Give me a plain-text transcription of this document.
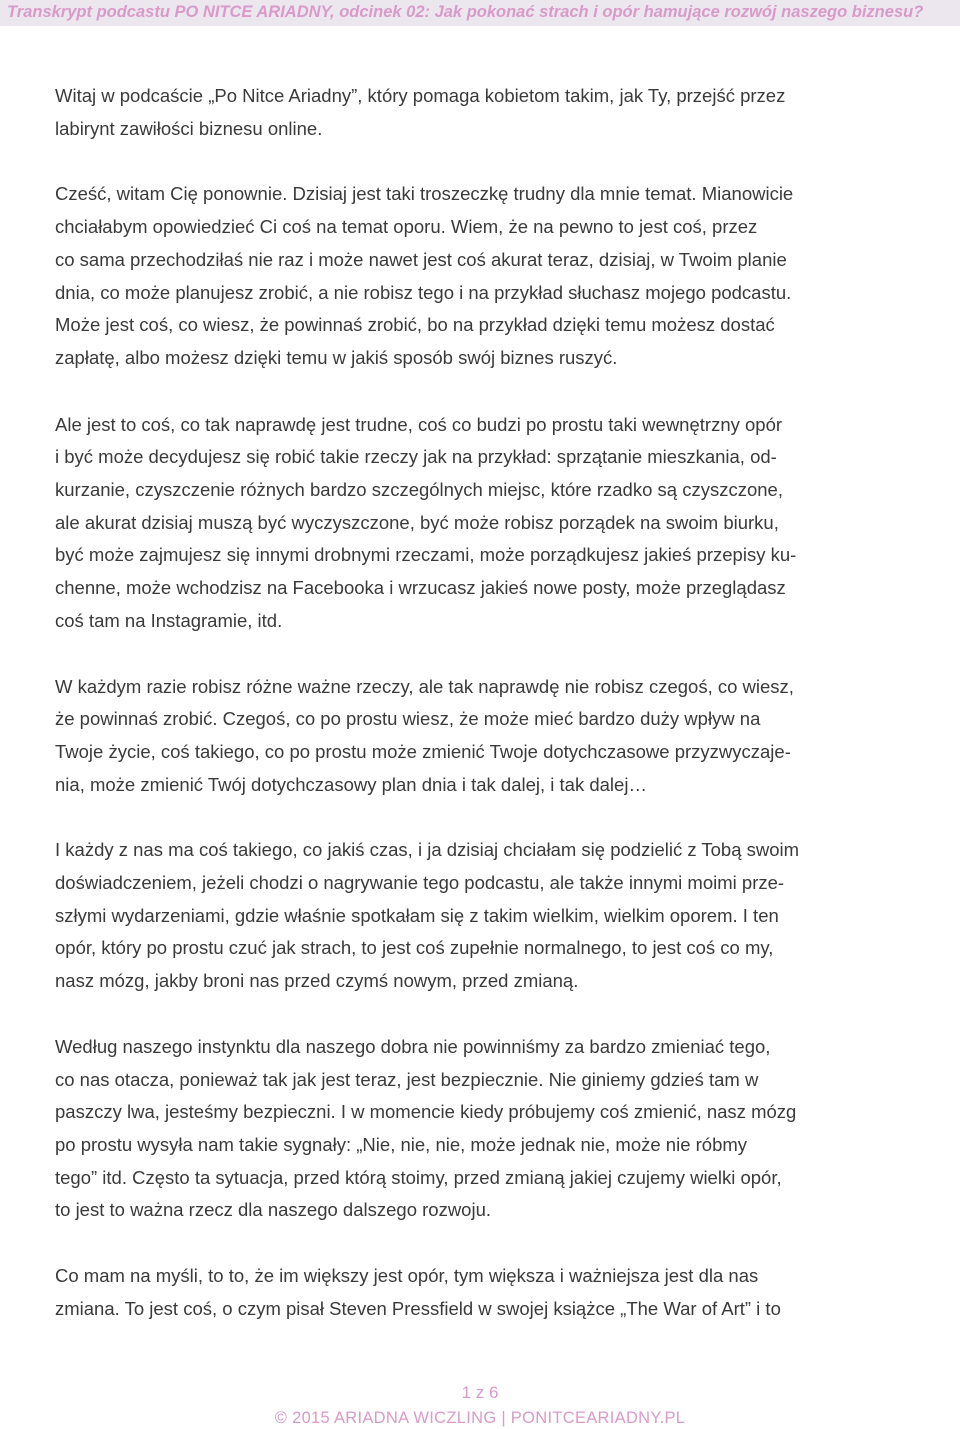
Transkrypt podcastu PO NITCE ARIADNY, odcinek 02: Jak pokonać strach i opór hamujące rozwój naszego biznesu?

Witaj w podcaście „Po Nitce Ariadny”, który pomaga kobietom takim, jak Ty, przejść przez
labirynt zawiłości biznesu online.

Cześć, witam Cię ponownie. Dzisiaj jest taki troszeczkę trudny dla mnie temat. Mianowicie
chciałabym opowiedzieć Ci coś na temat oporu. Wiem, że na pewno to jest coś, przez
co sama przechodziłaś nie raz i może nawet jest coś akurat teraz, dzisiaj, w Twoim planie
dnia, co może planujesz zrobić, a nie robisz tego i na przykład słuchasz mojego podcastu.
Może jest coś, co wiesz, że powinnaś zrobić, bo na przykład dzięki temu możesz dostać
zapłatę, albo możesz dzięki temu w jakiś sposób swój biznes ruszyć.

Ale jest to coś, co tak naprawdę jest trudne, coś co budzi po prostu taki wewnętrzny opór
i być może decydujesz się robić takie rzeczy jak na przykład: sprzątanie mieszkania, od-
kurzanie, czyszczenie różnych bardzo szczególnych miejsc, które rzadko są czyszczone,
ale akurat dzisiaj muszą być wyczyszczone, być może robisz porządek na swoim biurku,
być może zajmujesz się innymi drobnymi rzeczami, może porządkujesz jakieś przepisy ku-
chenne, może wchodzisz na Facebooka i wrzucasz jakieś nowe posty, może przeglądasz
coś tam na Instagramie, itd.

W każdym razie robisz różne ważne rzeczy, ale tak naprawdę nie robisz czegoś, co wiesz,
że powinnaś zrobić. Czegoś, co po prostu wiesz, że może mieć bardzo duży wpływ na
Twoje życie, coś takiego, co po prostu może zmienić Twoje dotychczasowe przyzwyczaje-
nia, może zmienić Twój dotychczasowy plan dnia i tak dalej, i tak dalej…

I każdy z nas ma coś takiego, co jakiś czas, i ja dzisiaj chciałam się podzielić z Tobą swoim
doświadczeniem, jeżeli chodzi o nagrywanie tego podcastu, ale także innymi moimi prze-
szłymi wydarzeniami, gdzie właśnie spotkałam się z takim wielkim, wielkim oporem. I ten
opór, który po prostu czuć jak strach, to jest coś zupełnie normalnego, to jest coś co my,
nasz mózg, jakby broni nas przed czymś nowym, przed zmianą.

Według naszego instynktu dla naszego dobra nie powinniśmy za bardzo zmieniać tego,
co nas otacza, ponieważ tak jak jest teraz, jest bezpiecznie. Nie giniemy gdzieś tam w
paszczy lwa, jesteśmy bezpieczni. I w momencie kiedy próbujemy coś zmienić, nasz mózg
po prostu wysyła nam takie sygnały: „Nie, nie, nie, może jednak nie, może nie róbmy
tego” itd. Często ta sytuacja, przed którą stoimy, przed zmianą jakiej czujemy wielki opór,
to jest to ważna rzecz dla naszego dalszego rozwoju.

Co mam na myśli, to to, że im większy jest opór, tym większa i ważniejsza jest dla nas
zmiana. To jest coś, o czym pisał Steven Pressfield w swojej książce „The War of Art” i to

1 z 6
© 2015 ARIADNA WICZLING | PONITCEARIADNY.PL
